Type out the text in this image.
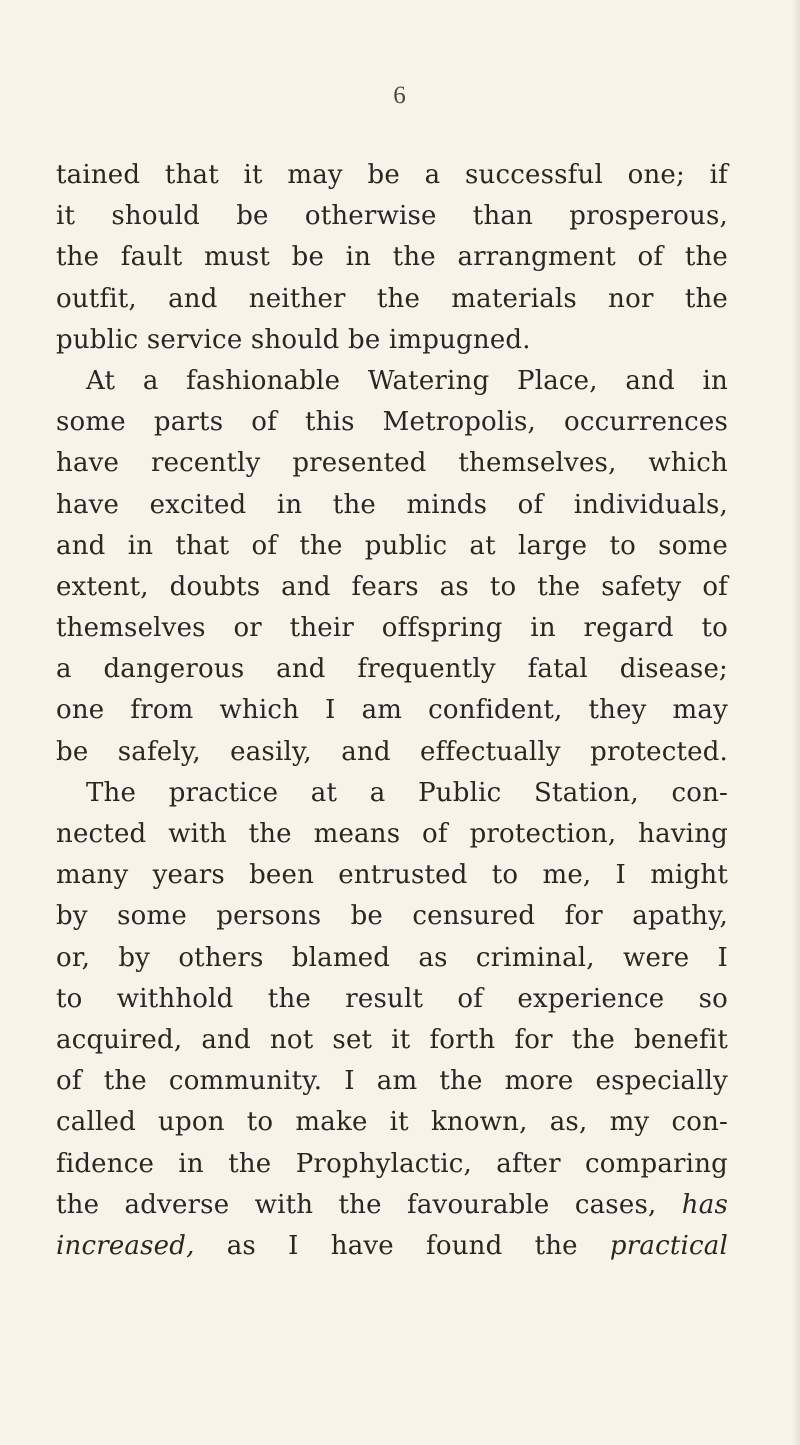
6
tained that it may be a successful one; if
it should be otherwise than prosperous,
the fault must be in the arrangment of the
outfit, and neither the materials nor the
public service should be impugned.
At a fashionable Watering Place, and in
some parts of this Metropolis, occurrences
have recently presented themselves, which
have excited in the minds of individuals,
and in that of the public at large to some
extent, doubts and fears as to the safety of
themselves or their offspring in regard to
a dangerous and frequently fatal disease;
one from which I am confident, they may
be safely, easily, and effectually protected.
The practice at a Public Station, con-
nected with the means of protection, having
many years been entrusted to me, I might
by some persons be censured for apathy,
or, by others blamed as criminal, were I
to withhold the result of experience so
acquired, and not set it forth for the benefit
of the community. I am the more especially
called upon to make it known, as, my con-
fidence in the Prophylactic, after comparing
the adverse with the favourable cases, has
increased, as I have found the practical
